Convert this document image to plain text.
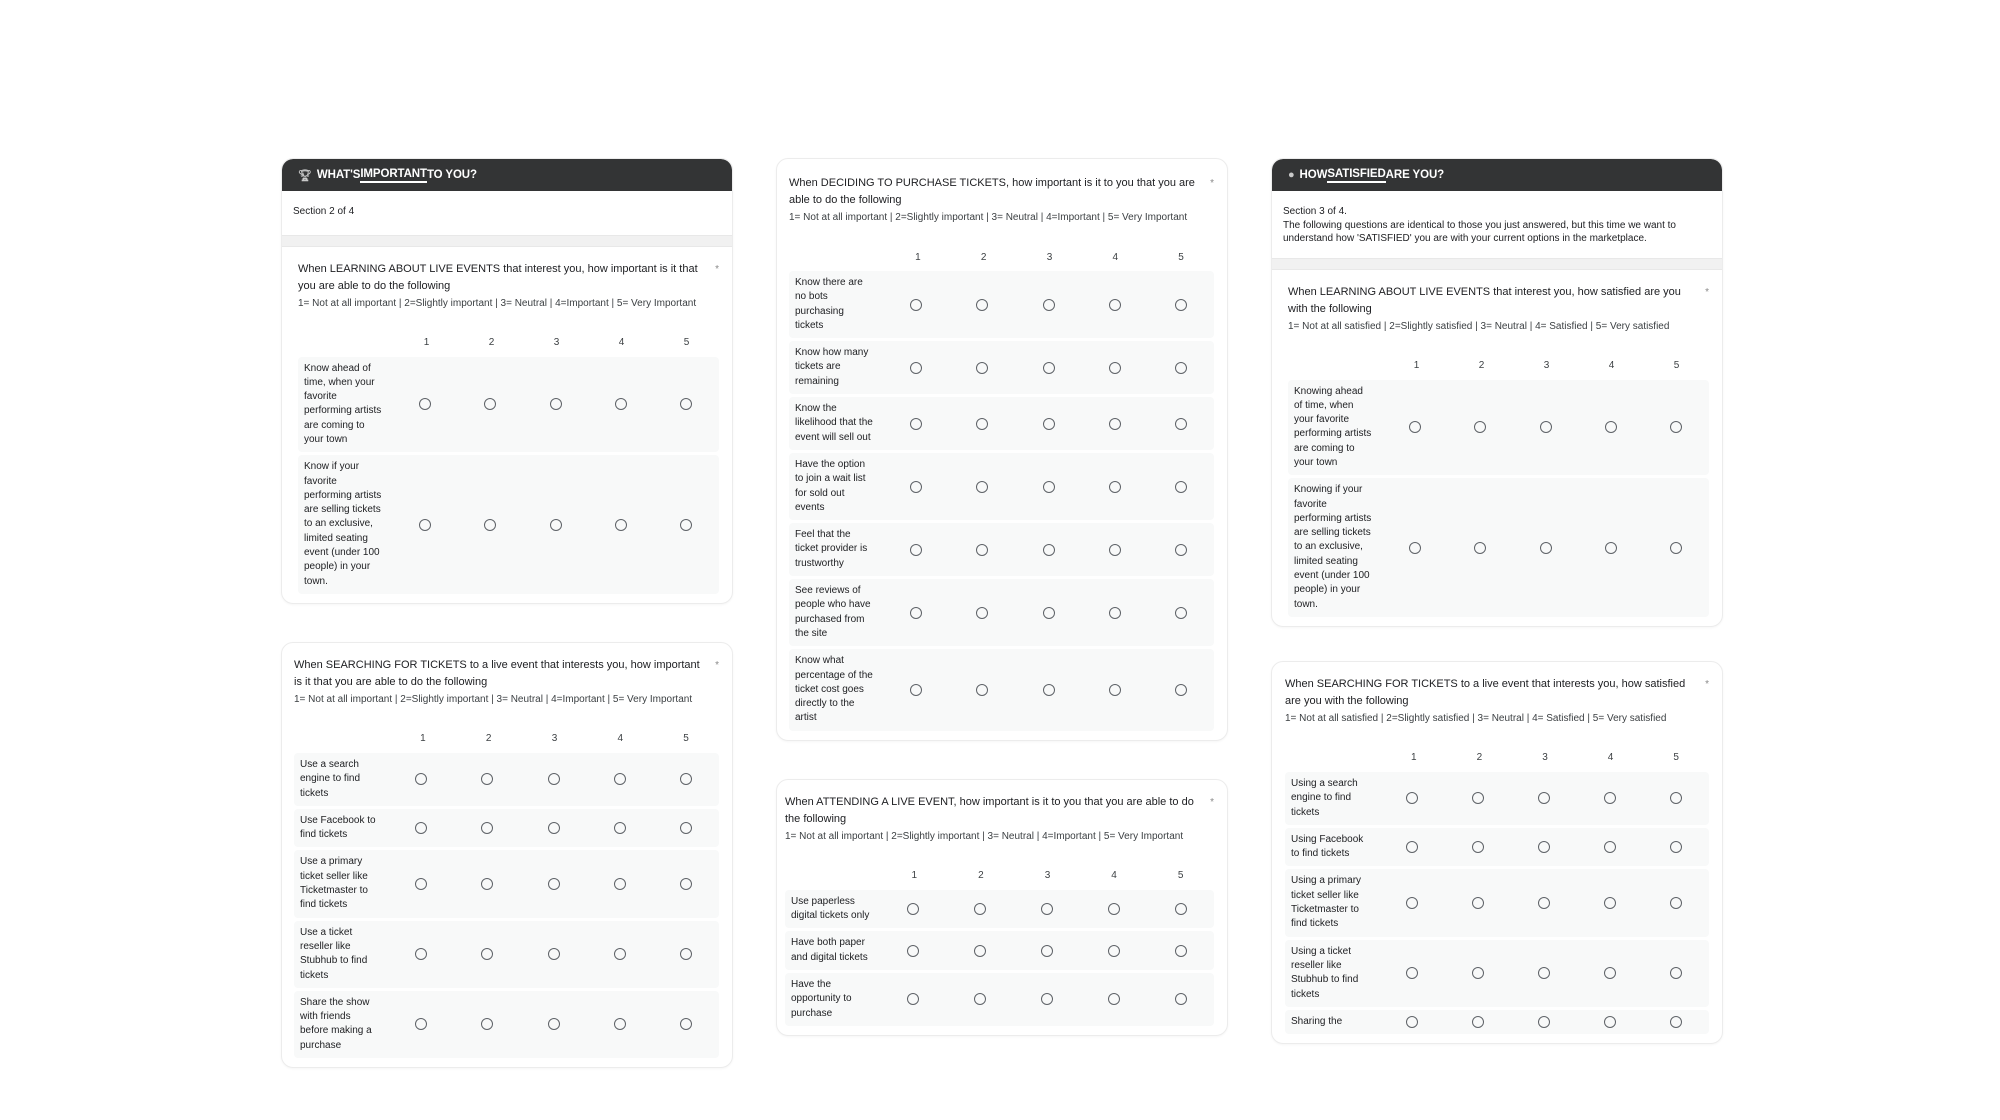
🏆︎ WHAT'S IMPORTANT TO YOU?
Section 2 of 4
When LEARNING ABOUT LIVE EVENTS that interest you, how important is it that you are able to do the following
*
1= Not at all important | 2=Slightly important | 3= Neutral | 4=Important | 5= Very Important
1	2	3	4	5
Know ahead of time, when your favorite performing artists are coming to your town
Know if your favorite performing artists are selling tickets to an exclusive, limited seating event (under 100 people) in your town.
When SEARCHING FOR TICKETS to a live event that interests you, how important is it that you are able to do the following
*
1= Not at all important | 2=Slightly important | 3= Neutral | 4=Important | 5= Very Important
1	2	3	4	5
Use a search engine to find tickets
Use Facebook to find tickets
Use a primary ticket seller like Ticketmaster to find tickets
Use a ticket reseller like Stubhub to find tickets
Share the show with friends before making a purchase
When DECIDING TO PURCHASE TICKETS, how important is it to you that you are able to do the following
*
1= Not at all important | 2=Slightly important | 3= Neutral | 4=Important | 5= Very Important
1	2	3	4	5
Know there are no bots purchasing tickets
Know how many tickets are remaining
Know the likelihood that the event will sell out
Have the option to join a wait list for sold out events
Feel that the ticket provider is trustworthy
See reviews of people who have purchased from the site
Know what percentage of the ticket cost goes directly to the artist
When ATTENDING A LIVE EVENT, how important is it to you that you are able to do the following
*
1= Not at all important | 2=Slightly important | 3= Neutral | 4=Important | 5= Very Important
1	2	3	4	5
Use paperless digital tickets only
Have both paper and digital tickets
Have the opportunity to purchase
● HOW SATISFIED ARE YOU?
Section 3 of 4.
The following questions are identical to those you just answered, but this time we want to understand how 'SATISFIED' you are with your current options in the marketplace.
When LEARNING ABOUT LIVE EVENTS that interest you, how satisfied are you with the following
*
1= Not at all satisfied | 2=Slightly satisfied | 3= Neutral | 4= Satisfied | 5= Very satisfied
1	2	3	4	5
Knowing ahead of time, when your favorite performing artists are coming to your town
Knowing if your favorite performing artists are selling tickets to an exclusive, limited seating event (under 100 people) in your town.
When SEARCHING FOR TICKETS to a live event that interests you, how satisfied are you with the following
*
1= Not at all satisfied | 2=Slightly satisfied | 3= Neutral | 4= Satisfied | 5= Very satisfied
1	2	3	4	5
Using a search engine to find tickets
Using Facebook to find tickets
Using a primary ticket seller like Ticketmaster to find tickets
Using a ticket reseller like Stubhub to find tickets
Sharing the
